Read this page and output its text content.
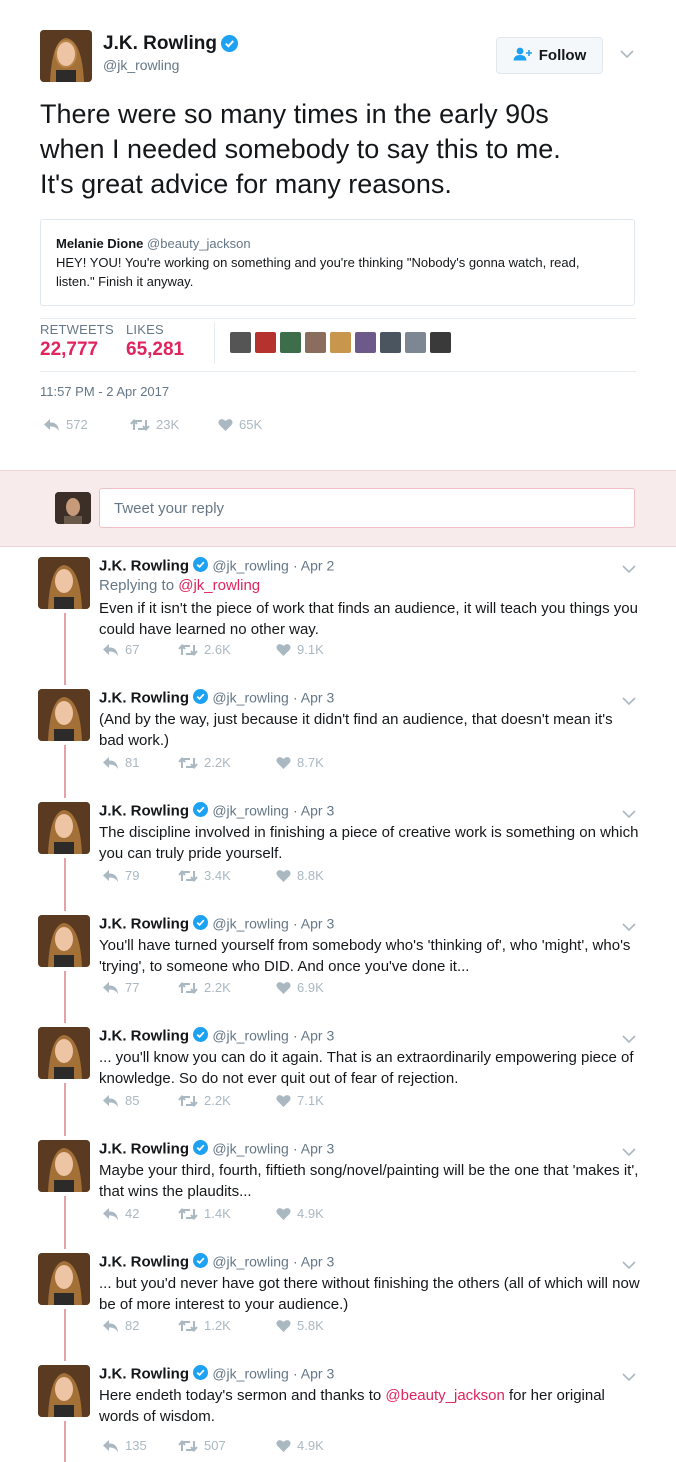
J.K. Rowling
@jk_rowling
Follow
There were so many times in the early 90s
when I needed somebody to say this to me.
It's great advice for many reasons.
Melanie Dione @beauty_jackson
HEY! YOU! You're working on something and you're thinking "Nobody's gonna watch, read, listen." Finish it anyway.
RETWEETS LIKES
22,777 65,281
11:57 PM - 2 Apr 2017
572	23K	65K
Tweet your reply
J.K. Rowling @jk_rowling · Apr 2
Replying to @jk_rowling
Even if it isn't the piece of work that finds an audience, it will teach you things you could have learned no other way.
67	2.6K	9.1K
J.K. Rowling @jk_rowling · Apr 3
(And by the way, just because it didn't find an audience, that doesn't mean it's bad work.)
81	2.2K	8.7K
J.K. Rowling @jk_rowling · Apr 3
The discipline involved in finishing a piece of creative work is something on which you can truly pride yourself.
79	3.4K	8.8K
J.K. Rowling @jk_rowling · Apr 3
You'll have turned yourself from somebody who's 'thinking of', who 'might', who's 'trying', to someone who DID. And once you've done it...
77	2.2K	6.9K
J.K. Rowling @jk_rowling · Apr 3
... you'll know you can do it again. That is an extraordinarily empowering piece of knowledge. So do not ever quit out of fear of rejection.
85	2.2K	7.1K
J.K. Rowling @jk_rowling · Apr 3
Maybe your third, fourth, fiftieth song/novel/painting will be the one that 'makes it', that wins the plaudits...
42	1.4K	4.9K
J.K. Rowling @jk_rowling · Apr 3
... but you'd never have got there without finishing the others (all of which will now be of more interest to your audience.)
82	1.2K	5.8K
J.K. Rowling @jk_rowling · Apr 3
Here endeth today's sermon and thanks to @beauty_jackson for her original words of wisdom.
135	507	4.9K
